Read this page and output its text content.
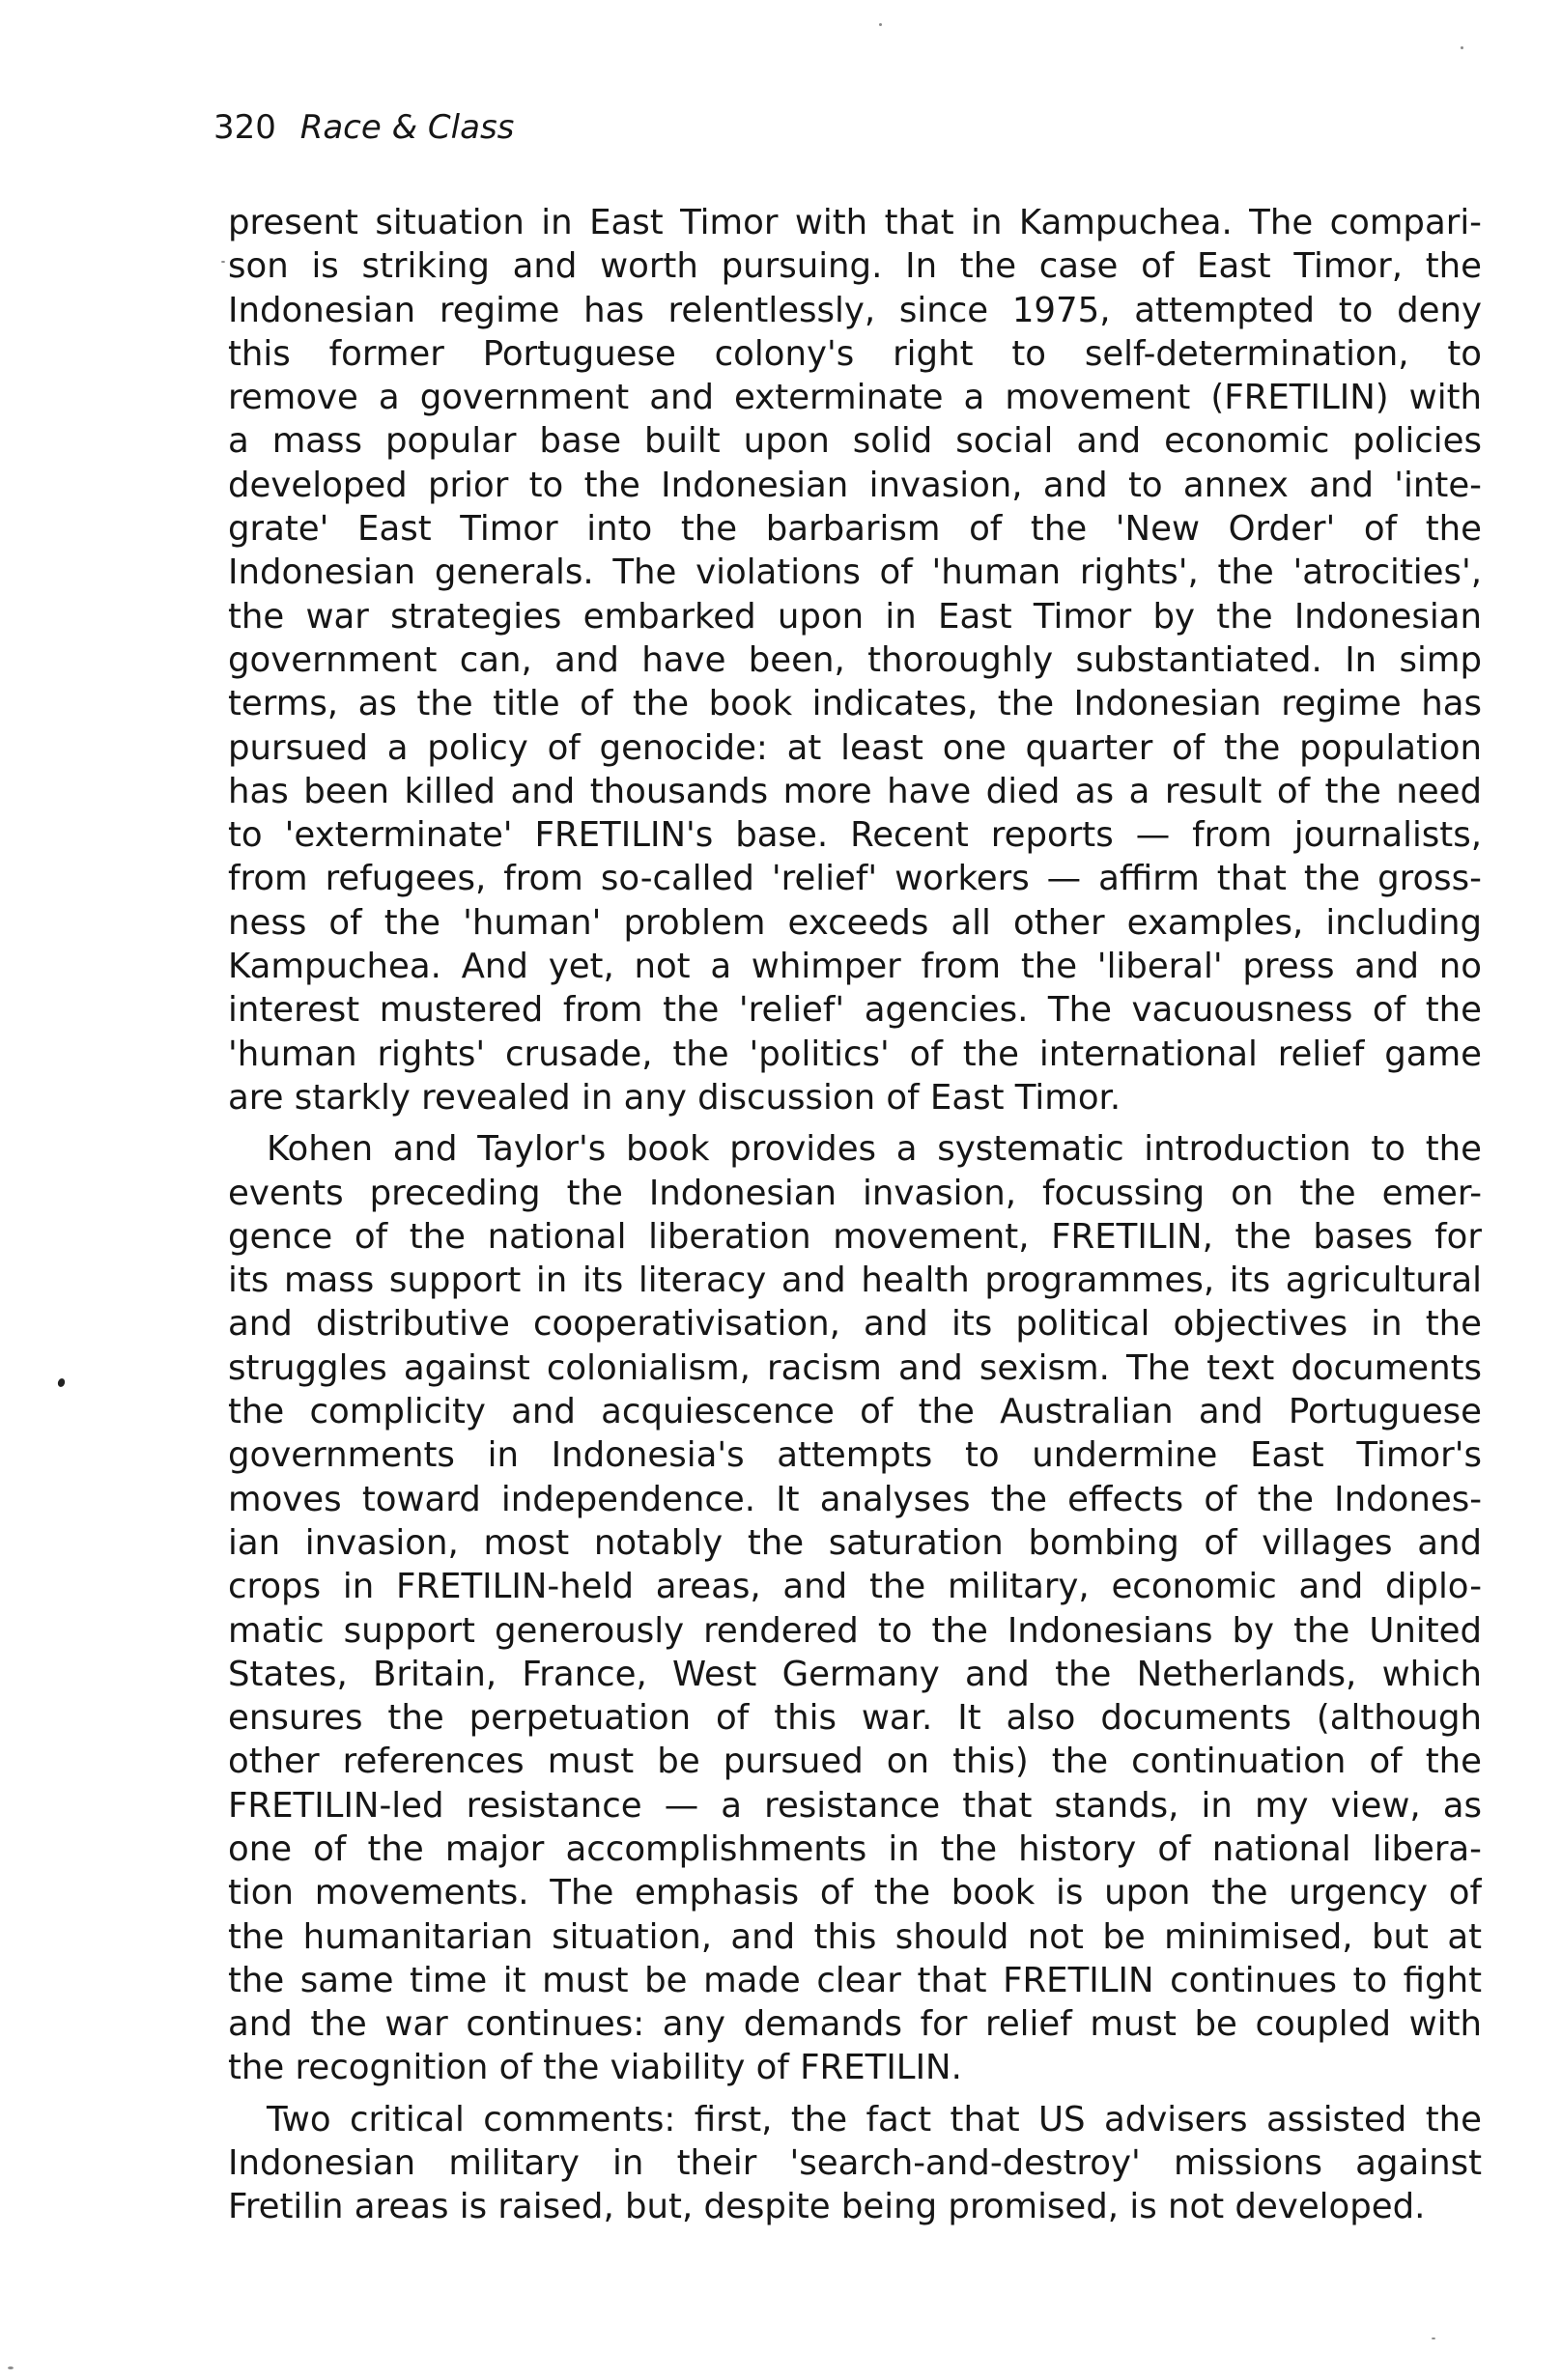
320 Race & Class
present situation in East Timor with that in Kampuchea. The compari-
son is striking and worth pursuing. In the case of East Timor, the
Indonesian regime has relentlessly, since 1975, attempted to deny
this former Portuguese colony's right to self-determination, to
remove a government and exterminate a movement (FRETILIN) with
a mass popular base built upon solid social and economic policies
developed prior to the Indonesian invasion, and to annex and 'inte-
grate' East Timor into the barbarism of the 'New Order' of the
Indonesian generals. The violations of 'human rights', the 'atrocities',
the war strategies embarked upon in East Timor by the Indonesian
government can, and have been, thoroughly substantiated. In simp
terms, as the title of the book indicates, the Indonesian regime has
pursued a policy of genocide: at least one quarter of the population
has been killed and thousands more have died as a result of the need
to 'exterminate' FRETILIN's base. Recent reports — from journalists,
from refugees, from so-called 'relief' workers — affirm that the gross-
ness of the 'human' problem exceeds all other examples, including
Kampuchea. And yet, not a whimper from the 'liberal' press and no
interest mustered from the 'relief' agencies. The vacuousness of the
'human rights' crusade, the 'politics' of the international relief game
are starkly revealed in any discussion of East Timor.
Kohen and Taylor's book provides a systematic introduction to the
events preceding the Indonesian invasion, focussing on the emer-
gence of the national liberation movement, FRETILIN, the bases for
its mass support in its literacy and health programmes, its agricultural
and distributive cooperativisation, and its political objectives in the
struggles against colonialism, racism and sexism. The text documents
the complicity and acquiescence of the Australian and Portuguese
governments in Indonesia's attempts to undermine East Timor's
moves toward independence. It analyses the effects of the Indones-
ian invasion, most notably the saturation bombing of villages and
crops in FRETILIN-held areas, and the military, economic and diplo-
matic support generously rendered to the Indonesians by the United
States, Britain, France, West Germany and the Netherlands, which
ensures the perpetuation of this war. It also documents (although
other references must be pursued on this) the continuation of the
FRETILIN-led resistance — a resistance that stands, in my view, as
one of the major accomplishments in the history of national libera-
tion movements. The emphasis of the book is upon the urgency of
the humanitarian situation, and this should not be minimised, but at
the same time it must be made clear that FRETILIN continues to fight
and the war continues: any demands for relief must be coupled with
the recognition of the viability of FRETILIN.
Two critical comments: first, the fact that US advisers assisted the
Indonesian military in their 'search-and-destroy' missions against
Fretilin areas is raised, but, despite being promised, is not developed.
